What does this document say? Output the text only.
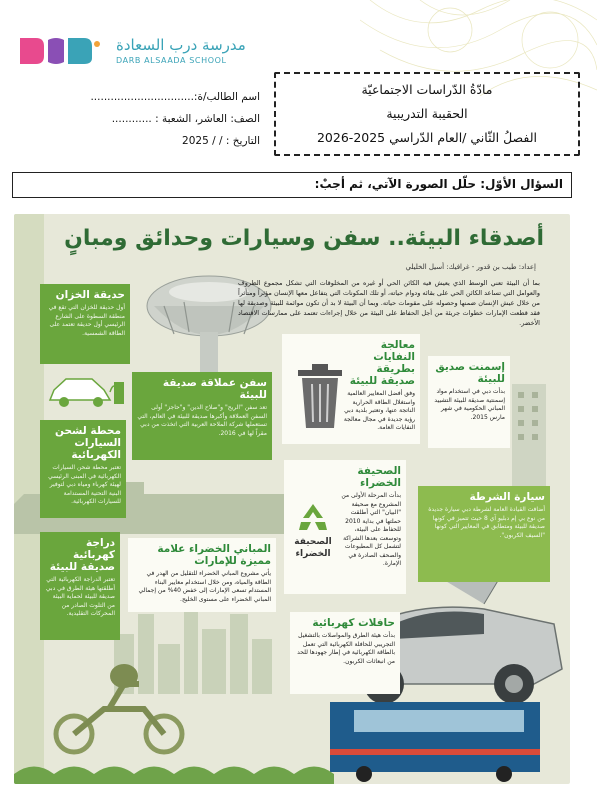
مدرسة درب السعادة
DARB ALSAADA SCHOOL
اسم الطالب/ة:...............................
الصف: العاشر، الشعبة : ............
التاريخ : / / 2025
مادّةُ الدّراسات الاجتماعيّة
الحقيبة التدريبية
الفصلُ الثّاني /العام الدّراسي 2025-2026
السؤال الأوّل: حلّل الصورة الآتي، ثم أجبْ:
أصدقاء البيئة.. سفن وسيارات وحدائق ومبانٍ
إعداد: طيب بن قدور - غرافيك: أسيل الخليلي
بما أن البيئة تعني الوسط الذي يعيش فيه الكائن الحي أو غيره من المخلوقات التي تشكل مجموع الظروف والعوامل التي تساعد الكائن الحي على بقائه ودوام حياته، أو تلك المكونات التي يتفاعل معها الإنسان مؤثراً ومتأثراً من خلال عيش الإنسان ضمنها وحصوله على مقومات حياته. وبما أن البيئة لا بد أن تكون موائمة للبيئة وصديقة لها فقد قطعت الإمارات خطوات جريئة من أجل الحفاظ على البيئة من خلال إجراءات تعتمد على ممارسات الاقتصاد الأخضر.
حديقة الخزان
أول حديقة للخزان التي تقع في منطقة السطوة على الشارع الرئيسي أول حديقة تعتمد على الطاقة الشمسية.
سفن عملاقة صديقة للبيئة
تعد سفن "الريح" و"صلاح الدين" و"حاجز" أولى السفن العملاقة وأكبرها صديقة للبيئة في العالم، التي تستعملها شركة الملاحة العربية التي اتخذت من دبي مقراً لها في 2016.
معالجة النفايات بطريقة صديقة للبيئة
وفق أفضل المعايير العالمية واستغلال الطاقة الحرارية الناتجة عنها، وتعتبر بلدية دبي رؤية جديدة في مجال معالجة النفايات العامة.
محطة لشحن السيارات الكهربائية
تعتبر محطة شحن السيارات الكهربائية في المبنى الرئيسي لهيئة كهرباء ومياه دبي لتوفير البنية التحتية المستدامة للسيارات الكهربائية.
إسمنت صديق للبيئة
بدأت دبي في استخدام مواد إسمنتية صديقة للبيئة التشييد المباني الحكومية في شهر مارس 2015.
الصحيفة الخضراء
بدأت المرحلة الأولى من المشروع مع صحيفة "البيان" التي أطلقت حملتها في بداية 2010 للحفاظ على البيئة، وتوسعت بعدها الشراكة لتشمل كل المطبوعات والصحف الصادرة في الإمارة.
الصحيفة
الخضراء
سيارة الشرطة
أضافت القيادة العامة لشرطة دبي سيارة جديدة من نوع بي إم دبليو آي 8 حيث تتميز في كونها صديقة للبيئة ومتطابق في المعايير التي كونها "السيف الكربون".
المباني الخضراء علامة مميزة للإمارات
يأتي مشروع المباني الخضراء للتقليل من الهدر في الطاقة والمياه، ومن خلال استخدام معايير البناء المستدام تسعى الإمارات إلى خفض 40% من إجمالي المباني الخضراء على مستوى الخليج.
دراجة كهربائية صديقة للبيئة
تعتبر الدراجة الكهربائية التي أطلقتها هيئة الطرق في دبي صديقة للبيئة لحماية البيئة من التلوث الصادر من المحركات التقليدية.
حافلات كهربائية
بدأت هيئة الطرق والمواصلات بالتشغيل التجريبي للحافلة الكهربائية التي تعمل بالطاقة الكهربائية في إطار جهودها للحد من انبعاثات الكربون.
